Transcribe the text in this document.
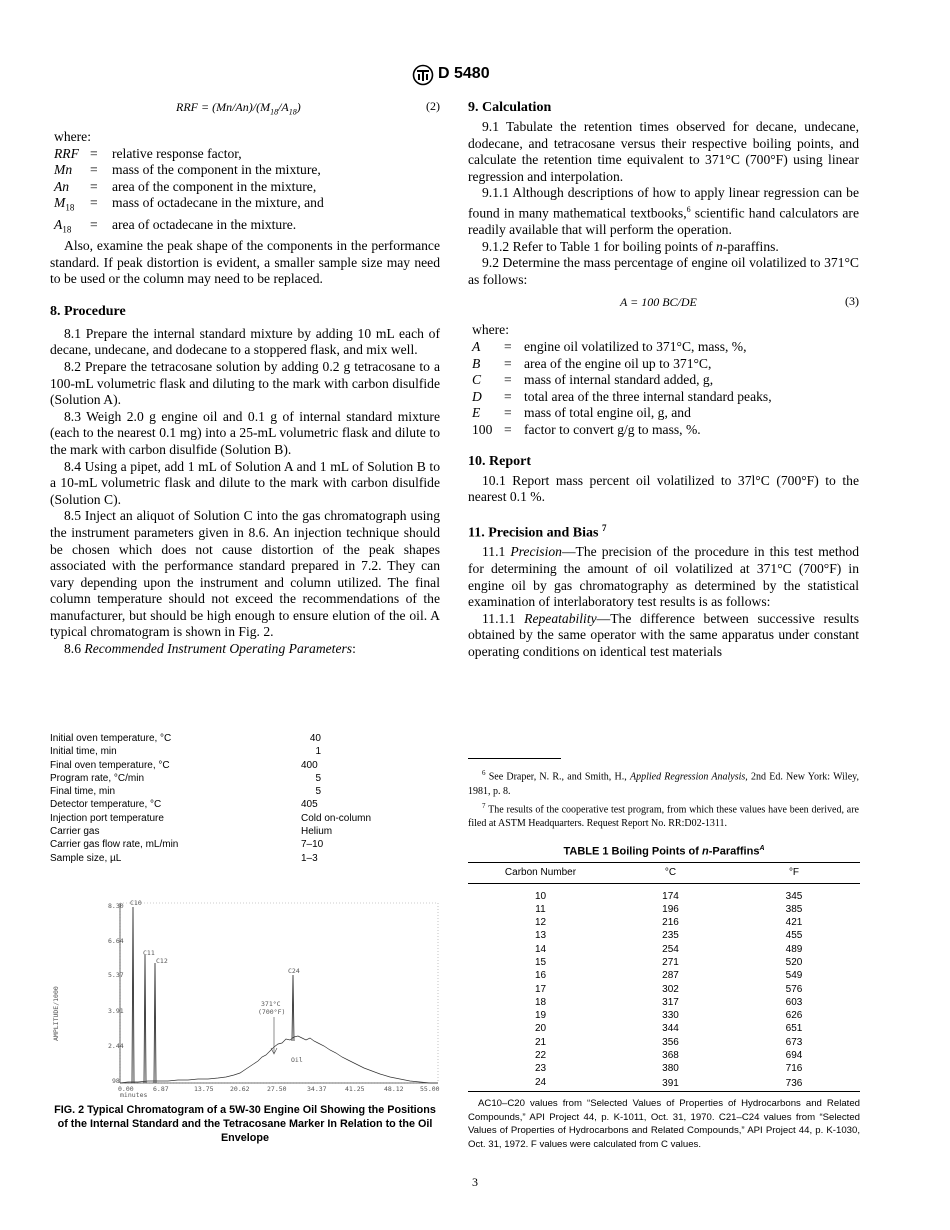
D 5480
RRF = $(Mn/An)/(M_{18}/A_{18})$	(2)

where:

RRF	=	relative response factor,
Mn	=	mass of the component in the mixture,
An	=	area of the component in the mixture,
$M_{18}$	=	mass of octadecane in the mixture, and
$A_{18}$	=	area of octadecane in the mixture.

Also, examine the peak shape of the components in the performance standard. If peak distortion is evident, a smaller sample size may need to be used or the column may need to be replaced.

8. Procedure

8.1 Prepare the internal standard mixture by adding 10 mL each of decane, undecane, and dodecane to a stoppered flask, and mix well.

8.2 Prepare the tetracosane solution by adding 0.2 g tetracosane to a 100-mL volumetric flask and diluting to the mark with carbon disulfide (Solution A).

8.3 Weigh 2.0 g engine oil and 0.1 g of internal standard mixture (each to the nearest 0.1 mg) into a 25-mL volumetric flask and dilute to the mark with carbon disulfide (Solution B).

8.4 Using a pipet, add 1 mL of Solution A and 1 mL of Solution B to a 10-mL volumetric flask and dilute to the mark with carbon disulfide (Solution C).

8.5 Inject an aliquot of Solution C into the gas chromatograph using the instrument parameters given in 8.6. An injection technique should be chosen which does not cause distortion of the peak shapes associated with the performance standard prepared in 7.2. They can vary depending upon the instrument and column utilized. The final column temperature should not exceed the recommendations of the manufacturer, but should be high enough to ensure elution of the oil. A typical chromatogram is shown in Fig. 2.

8.6 Recommended Instrument Operating Parameters:

Initial oven temperature, °C	40
Initial time, min	1
Final oven temperature, °C	400
Program rate, °C/min	5
Final time, min	5
Detector temperature, °C	405
Injection port temperature	Cold on-column
Carrier gas	Helium
Carrier gas flow rate, mL/min	7–10
Sample size, µL	1–3
AMPLITUDE/1000
8.30
6.64
5.37
3.91
2.44
98
0.00	6.87	13.75	20.62	27.50	34.37	41.25	48.12	55.00
minutes
C10
C11
C12
C24
371°C
(700°F)
Oil
FIG. 2 Typical Chromatogram of a 5W-30 Engine Oil Showing the Positions of the Internal Standard and the Tetracosane Marker In Relation to the Oil Envelope

9. Calculation

9.1 Tabulate the retention times observed for decane, undecane, dodecane, and tetracosane versus their respective boiling points, and calculate the retention time equivalent to 371°C (700°F) using linear regression and interpolation.

9.1.1 Although descriptions of how to apply linear regression can be found in many mathematical textbooks,$^6$ scientific hand calculators are readily available that will perform the operation.

9.1.2 Refer to Table 1 for boiling points of n-paraffins.

9.2 Determine the mass percentage of engine oil volatilized to 371°C as follows:

A = 100 BC/DE	(3)

where:

A	=	engine oil volatilized to 371°C, mass, %,
B	=	area of the engine oil up to 371°C,
C	=	mass of internal standard added, g,
D	=	total area of the three internal standard peaks,
E	=	mass of total engine oil, g, and
100	=	factor to convert g/g to mass, %.

10. Report

10.1 Report mass percent oil volatilized to 37l°C (700°F) to the nearest 0.1 %.

11. Precision and Bias $^7$

11.1 Precision—The precision of the procedure in this test method for determining the amount of oil volatilized at 371°C (700°F) in engine oil by gas chromatography as determined by the statistical examination of interlaboratory test results is as follows:

11.1.1 Repeatability—The difference between successive results obtained by the same operator with the same apparatus under constant operating conditions on identical test materials

$^6$ See Draper, N. R., and Smith, H., Applied Regression Analysis, 2nd Ed. New York: Wiley, 1981, p. 8.

$^7$ The results of the cooperative test program, from which these values have been derived, are filed at ASTM Headquarters. Request Report No. RR:D02-1311.

TABLE 1 Boiling Points of n-Paraffins$^A$
Carbon Number	°C	°F

10	174	345
11	196	385
12	216	421
13	235	455
14	254	489
15	271	520
16	287	549
17	302	576
18	317	603
19	330	626
20	344	651
21	356	673
22	368	694
23	380	716
24	391	736

AC10–C20 values from “Selected Values of Properties of Hydrocarbons and Related Compounds,” API Project 44, p. K-1011, Oct. 31, 1970. C21–C24 values from “Selected Values of Properties of Hydrocarbons and Related Compounds,” API Project 44, p. K-1030, Oct. 31, 1972. F values were calculated from C values.

3
